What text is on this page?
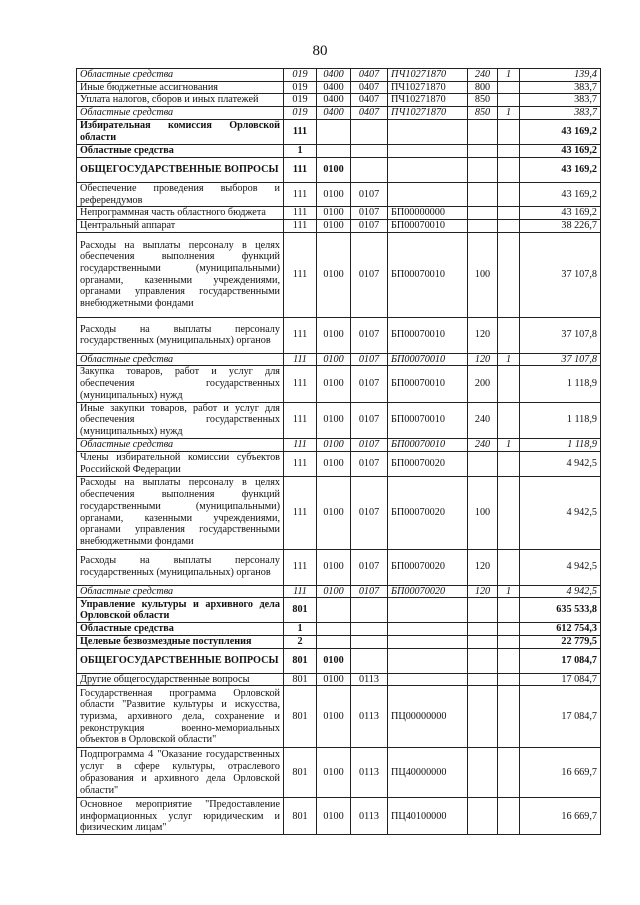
80
Областные средства	019	0400	0407	ПЧ10271870	240	1	139,4
Иные бюджетные ассигнования	019	0400	0407	ПЧ10271870	800		383,7
Уплата налогов, сборов и иных платежей	019	0400	0407	ПЧ10271870	850		383,7
Областные средства	019	0400	0407	ПЧ10271870	850	1	383,7
Избирательная комиссия Орловской области	111						43 169,2
Областные средства	1						43 169,2
ОБЩЕГОСУДАРСТВЕННЫЕ ВОПРОСЫ	111	0100					43 169,2
Обеспечение проведения выборов и референдумов	111	0100	0107				43 169,2
Непрограммная часть областного бюджета	111	0100	0107	БП00000000			43 169,2
Центральный аппарат	111	0100	0107	БП00070010			38 226,7
Расходы на выплаты персоналу в целях обеспечения выполнения функций государственными (муниципальными) органами, казенными учреждениями, органами управления государственными внебюджетными фондами	111	0100	0107	БП00070010	100		37 107,8
Расходы на выплаты персоналу государственных (муниципальных) органов	111	0100	0107	БП00070010	120		37 107,8
Областные средства	111	0100	0107	БП00070010	120	1	37 107,8
Закупка товаров, работ и услуг для обеспечения государственных (муниципальных) нужд	111	0100	0107	БП00070010	200		1 118,9
Иные закупки товаров, работ и услуг для обеспечения государственных (муниципальных) нужд	111	0100	0107	БП00070010	240		1 118,9
Областные средства	111	0100	0107	БП00070010	240	1	1 118,9
Члены избирательной комиссии субъектов Российской Федерации	111	0100	0107	БП00070020			4 942,5
Расходы на выплаты персоналу в целях обеспечения выполнения функций государственными (муниципальными) органами, казенными учреждениями, органами управления государственными внебюджетными фондами	111	0100	0107	БП00070020	100		4 942,5
Расходы на выплаты персоналу государственных (муниципальных) органов	111	0100	0107	БП00070020	120		4 942,5
Областные средства	111	0100	0107	БП00070020	120	1	4 942,5
Управление культуры и архивного дела Орловской области	801						635 533,8
Областные средства	1						612 754,3
Целевые безвозмездные поступления	2						22 779,5
ОБЩЕГОСУДАРСТВЕННЫЕ ВОПРОСЫ	801	0100					17 084,7
Другие общегосударственные вопросы	801	0100	0113				17 084,7
Государственная программа Орловской области "Развитие культуры и искусства, туризма, архивного дела, сохранение и реконструкция военно-мемориальных объектов в Орловской области"	801	0100	0113	ПЦ00000000			17 084,7
Подпрограмма 4 "Оказание государственных услуг в сфере культуры, отраслевого образования и архивного дела Орловской области"	801	0100	0113	ПЦ40000000			16 669,7
Основное мероприятие "Предоставление информационных услуг юридическим и физическим лицам"	801	0100	0113	ПЦ40100000			16 669,7
